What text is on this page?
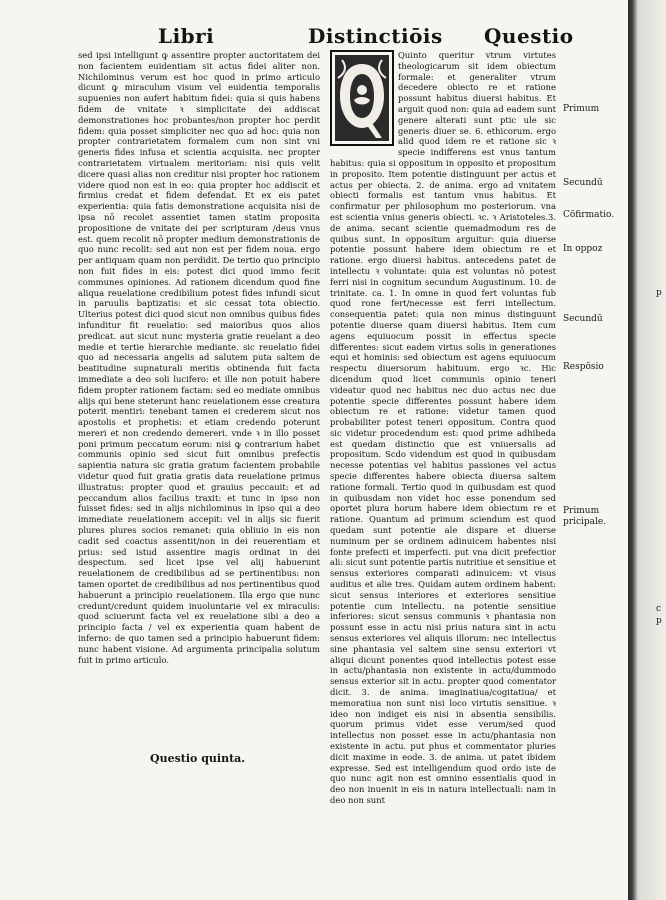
Libri	Distinctiōis Questio

sed ipsi intelligunt ꝙ assentire propter auctoritatem dei non facientem euidentiam sit actus fidei aliter non. Nichilominus verum est hoc quod in primo articulo dicunt ꝙ miraculum visum vel euidentia temporalis supuenies non aufert habitum fidei: quia si quis habens fidem de vnitate ꝛ simplicitate dei addiscat demonstrationes hoc probantes/non propter hoc perdit fidem: quia posset simpliciter nec quo ad hoc: quia non propter contrarietatem formalem cum non sint vni generis fides infusa et scientia acquisita. nec propter contrarietatem virtualem meritoriam: nisi quis velit dicere quasi alias non creditur nisi propter hoc rationem videre quod non est in eo: quia propter hoc addiscit et firmius credat et fidem defendat. Et ex eis patet experientia: quia fatis demonstratione acquisita nisi de ipsa nō recolet assentiet tamen statim proposita propositione de vnitate dei per scripturam /deus vnus est. quem recolit nō propter medium demonstrationis de quo nunc recolit: sed aut non est per fidem noua. ergo per antiquam quam non perdidit. De tertio quo principio non fuit fides in eis: potest dici quod immo fecit communes opiniones. Ad rationem dicendum quod fine aliqua reuelatione credibilium potest fides infundi sicut in paruulis baptizatis: et sic cessat tota obiectio. Ulterius potest dici quod sicut non omnibus quibus fides infunditur fit reuelatio: sed maioribus quos alios predicat. aut sicut nunc mysteria gratie reuelant a deo medie et tertie hierarchie mediante. sic reuelatio fidei quo ad necessaria angelis ad salutem puta saltem de beatitudine supnaturali meritis obtinenda fuit facta immediate a deo soli lucifero: et ille non potuit habere fidem propter rationem factam: sed eo mediate omnibus alijs qui bene steterunt hanc reuelationem esse creatura poterit mentiri: tenebant tamen ei crederem sicut nos apostolis et prophetis: et etiam credendo poterunt mereri et non credendo demereri. vnde ꝛ in illo posset poni primum peccatum eorum: nisi ꝙ contrarium habet communis opinio sed sicut fuit omnibus prefectis sapientia natura sic gratia gratum facientem probabile videtur quod fuit gratia gratis data reuelatione primus illustratus: propter quod et grauius peccauit: et ad peccandum alios facilius traxit: et tunc in ipso non fuisset fides: sed in alijs nichilominus in ipso qui a deo immediate reuelationem accepit: vel in alijs sic fuerit plures plures socios remanet: quia obliuio in eis non cadit sed coactus assentit/non in dei reuerentiam et prius: sed istud assentire magis ordinat in dei despectum. sed licet ipse vel alij habuerunt reuelationem de credibilibus ad se pertinentibus: non tamen oportet de credibilibus ad nos pertinentibus quod habuerunt a principio reuelationem. Illa ergo que nunc credunt/credunt quidem inuoluntarie vel ex miraculis: quod sciuerunt facta vel ex reuelatione sibi a deo a principio facta / vel ex experientia quam habent de inferno: de quo tamen sed a principio habuerunt fidem: nunc habent visione. Ad argumenta principalia solutum fuit in primo articulo.

Questio quinta.

Quinto queritur vtrum virtutes theologicarum sit idem obiectum formale: et generaliter vtrum decedere obiecto re et ratione possunt habitus diuersi habitus. Et arguit quod non: quia ad eadem sunt genere alterati sunt ptic ule sic generis diuer se. 6. ethicorum. ergo alid quod idem re et ratione sic ꝛ specie indifferens est vnus tantum habitus: quia si oppositum in opposito et propositum in proposito. Item potentie distinguunt per actus et actus per obiecta. 2. de anima. ergo ad vnitatem obiecti formalis est tantum vnus habitus. Et confirmatur per philosophum mo posteriorum. vna est scientia vnius generis obiecti. ꝛc. ꝛ Aristoteles.3. de anima. secant scientie quemadmodum res de quibus sunt. In oppositum arguitur: quia diuerse potentie possunt habere idem obiectum re et ratione. ergo diuersi habitus. antecedens patet de intellectu ꝛ voluntate: quia est voluntas nō potest ferri nisi in cognitum secundum Augustinum. 10. de trinitate. ca. 1. In omne in quod fert voluntas fub quod rone fert/necesse est ferri intellectum. consequentia patet: quia non minus distinguunt potentie diuerse quam diuersi habitus. Item cum agens equiuocum possit in effectus specie differentes: sicut eadem virtus solis in generationes equi et hominis: sed obiectum est agens equiuocum respectu diuersorum habituum. ergo ꝛc. Hic dicendum quod licet communis opinio teneri videatur quod nec habitus nec duo actus nec due potentie specie differentes possunt habere idem obiectum re et ratione: videtur tamen quod probabiliter potest teneri oppositum. Contra quod sic videtur procedendum est: quod prime adhibeda est quedam distinctio que est vniuersalis ad propositum. Scdo videndum est quod in quibusdam necesse potentias vel habitus passiones vel actus specie differentes habere obiecta diuersa saltem ratione formali. Tertio quod in quibusdam est quod in quibusdam non videt hoc esse ponendum sed oportet plura horum habere idem obiectum re et ratione. Quantum ad primum sciendum est quod quedam sunt potentie ale dispare et diuerse numinum per se ordinem adinuicem habentes nisi fonte prefecti et imperfecti. put vna dicit prefectior ali: sicut sunt potentie partis nutritiue et sensitiue et sensus exteriores comparati adinuicem: vt visus auditus et alie tres. Quidam autem ordinem habent: sicut sensus interiores et exteriores sensitiue potentie cum intellectu. na potentie sensitiue inferiores: sicut sensus communis ꝛ phantasia non possunt esse in actu nisi prius natura sint in actu sensus exteriores vel aliquis illorum: nec intellectus sine phantasia vel saltem sine sensu exteriori vt aliqui dicunt ponentes quod intellectus potest esse in actu/phantasia non existente in actu/dummodo sensus exterior sit in actu. propter quod comentator dicit. 3. de anima. imaginatiua/cogitatiua/ et memoratiua non sunt nisi loco virtutis sensitiue. ꝛ ideo non indiget eis nisi in absentia sensibilis. quorum primus videt esse verum/sed quod intellectus non posset esse in actu/phantasia non existente in actu. put phus et commentator pluries dicit maxime in eode. 3. de anima. ut patet ibidem expresse. Sed est intelligendum quod ordo iste de quo nunc agit non est omnino essentialis quod in deo non inuenit in eis in natura intellectuali: nam in deo non sunt

Primum
Secundū
Cōfirmatio.
In oppoz
Secundū
Respōsio
Primum pricipale.
p
c
p
